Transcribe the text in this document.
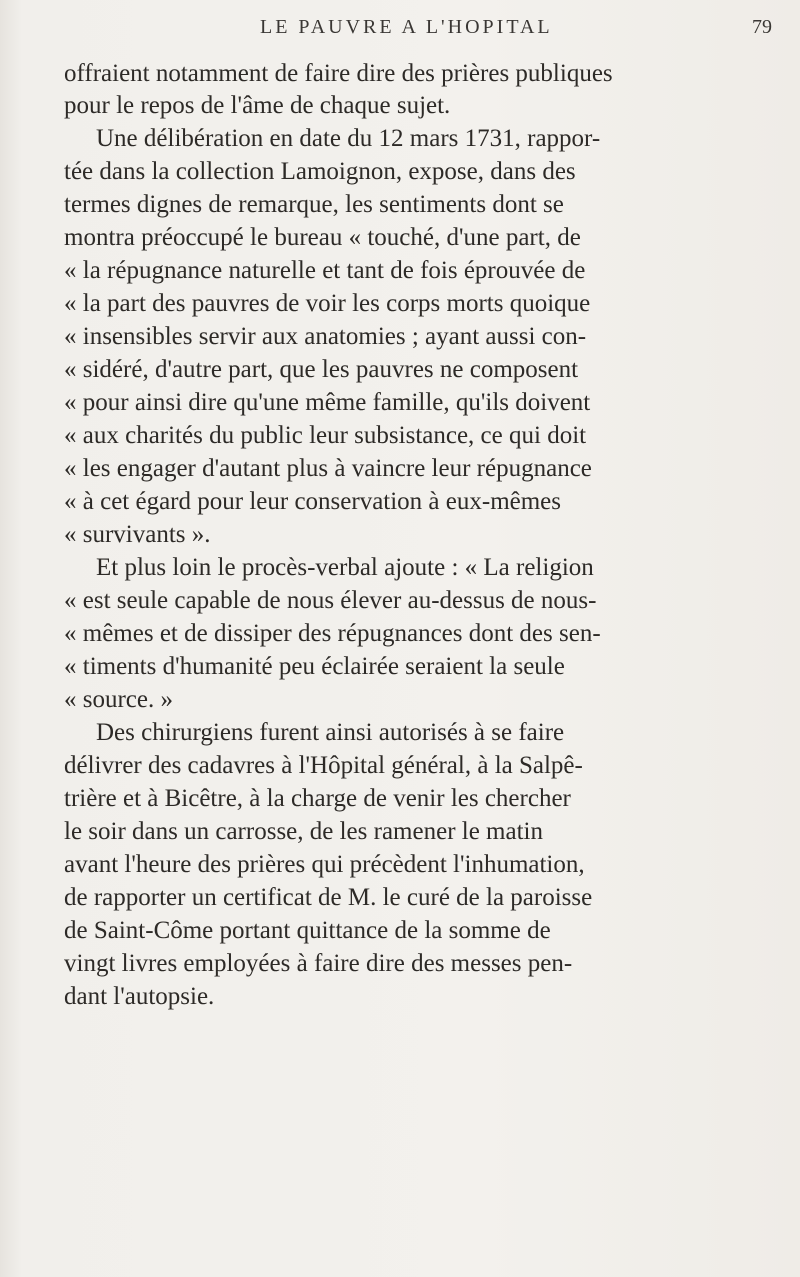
LE PAUVRE A L'HOPITAL	79
offraient notamment de faire dire des prières publiques
pour le repos de l'âme de chaque sujet.
Une délibération en date du 12 mars 1731, rappor-
tée dans la collection Lamoignon, expose, dans des
termes dignes de remarque, les sentiments dont se
montra préoccupé le bureau « touché, d'une part, de
« la répugnance naturelle et tant de fois éprouvée de
« la part des pauvres de voir les corps morts quoique
« insensibles servir aux anatomies ; ayant aussi con-
« sidéré, d'autre part, que les pauvres ne composent
« pour ainsi dire qu'une même famille, qu'ils doivent
« aux charités du public leur subsistance, ce qui doit
« les engager d'autant plus à vaincre leur répugnance
« à cet égard pour leur conservation à eux-mêmes
« survivants ».
Et plus loin le procès-verbal ajoute : « La religion
« est seule capable de nous élever au-dessus de nous-
« mêmes et de dissiper des répugnances dont des sen-
« timents d'humanité peu éclairée seraient la seule
« source. »
Des chirurgiens furent ainsi autorisés à se faire
délivrer des cadavres à l'Hôpital général, à la Salpê-
trière et à Bicêtre, à la charge de venir les chercher
le soir dans un carrosse, de les ramener le matin
avant l'heure des prières qui précèdent l'inhumation,
de rapporter un certificat de M. le curé de la paroisse
de Saint-Côme portant quittance de la somme de
vingt livres employées à faire dire des messes pen-
dant l'autopsie.
